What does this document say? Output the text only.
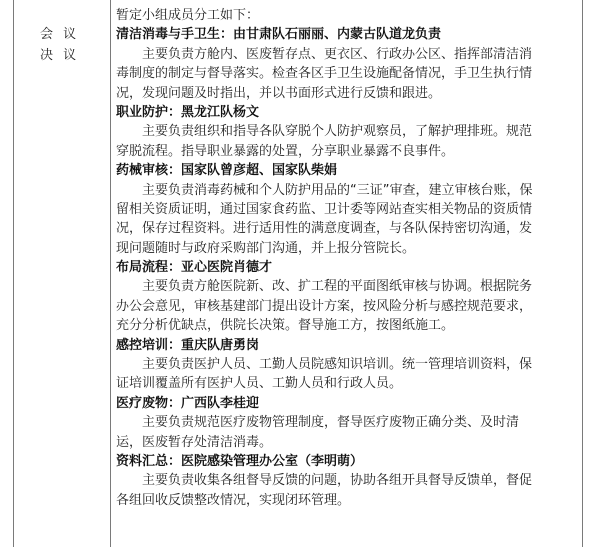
会 议
决 议
暂定小组成员分工如下：
清洁消毒与手卫生：由甘肃队石丽丽、内蒙古队道龙负责
主要负责方舱内、医废暂存点、更衣区、行政办公区、指挥部清洁消
毒制度的制定与督导落实。检查各区手卫生设施配备情况，手卫生执行情
况，发现问题及时指出，并以书面形式进行反馈和跟进。
职业防护：黑龙江队杨文
主要负责组织和指导各队穿脱个人防护观察员，了解护理排班。规范
穿脱流程。指导职业暴露的处置，分享职业暴露不良事件。
药械审核：国家队曾彦超、国家队柴娟
主要负责消毒药械和个人防护用品的“三证”审查，建立审核台账，保
留相关资质证明，通过国家食药监、卫计委等网站查实相关物品的资质情
况，保存过程资料。进行适用性的满意度调查，与各队保持密切沟通，发
现问题随时与政府采购部门沟通，并上报分管院长。
布局流程：亚心医院肖德才
主要负责方舱医院新、改、扩工程的平面图纸审核与协调。根据院务
办公会意见，审核基建部门提出设计方案，按风险分析与感控规范要求，
充分分析优缺点，供院长决策。督导施工方，按图纸施工。
感控培训：重庆队唐勇岗
主要负责医护人员、工勤人员院感知识培训。统一管理培训资料，保
证培训覆盖所有医护人员、工勤人员和行政人员。
医疗废物：广西队李桂迎
主要负责规范医疗废物管理制度，督导医疗废物正确分类、及时清
运，医废暂存处清洁消毒。
资料汇总：医院感染管理办公室（李明萌）
主要负责收集各组督导反馈的问题，协助各组开具督导反馈单，督促
各组回收反馈整改情况，实现闭环管理。
